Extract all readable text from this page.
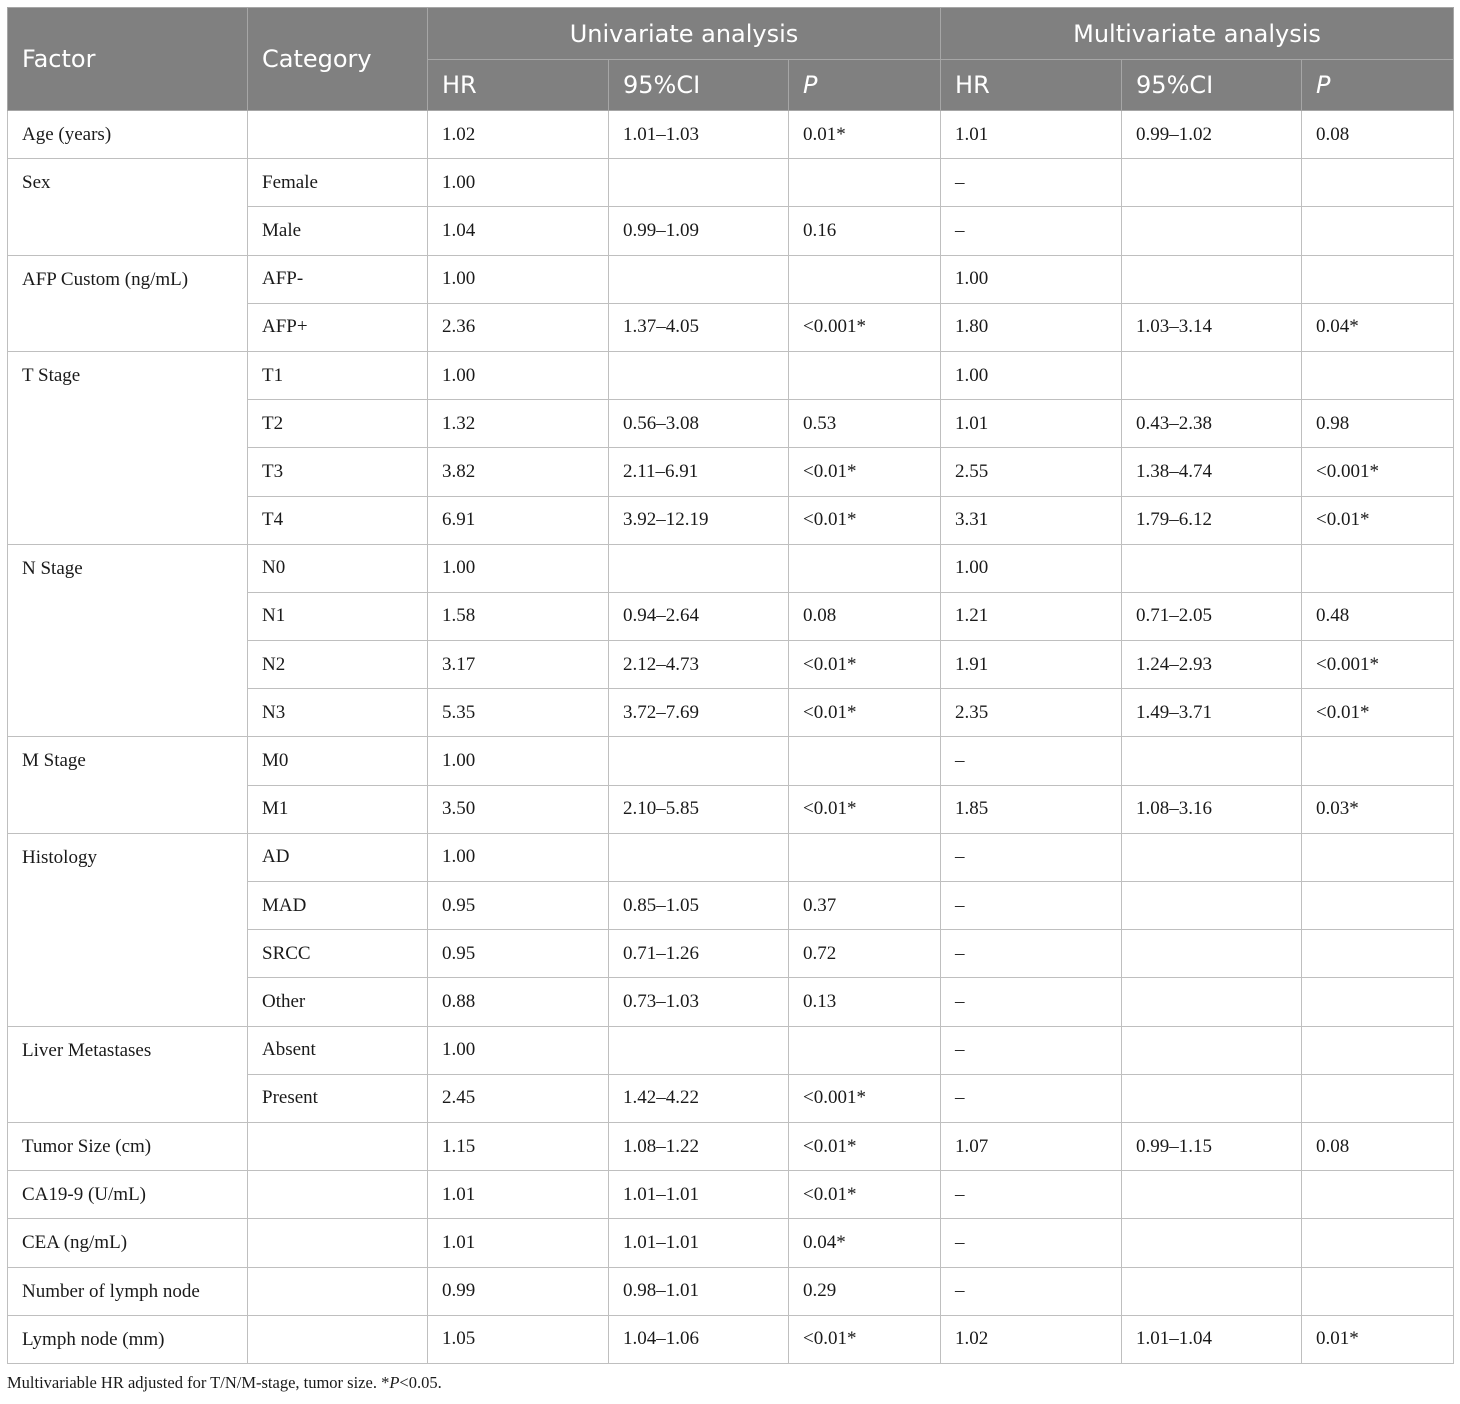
Factor	Category	Univariate analysis			Multivariate analysis		
		HR	95%CI	P	HR	95%CI	P
Age (years)		1.02	1.01–1.03	0.01*	1.01	0.99–1.02	0.08
Sex	Female	1.00			–		
	Male	1.04	0.99–1.09	0.16	–		
AFP Custom (ng/mL)	AFP-	1.00			1.00		
	AFP+	2.36	1.37–4.05	<0.001*	1.80	1.03–3.14	0.04*
T Stage	T1	1.00			1.00		
	T2	1.32	0.56–3.08	0.53	1.01	0.43–2.38	0.98
	T3	3.82	2.11–6.91	<0.01*	2.55	1.38–4.74	<0.001*
	T4	6.91	3.92–12.19	<0.01*	3.31	1.79–6.12	<0.01*
N Stage	N0	1.00			1.00		
	N1	1.58	0.94–2.64	0.08	1.21	0.71–2.05	0.48
	N2	3.17	2.12–4.73	<0.01*	1.91	1.24–2.93	<0.001*
	N3	5.35	3.72–7.69	<0.01*	2.35	1.49–3.71	<0.01*
M Stage	M0	1.00			–		
	M1	3.50	2.10–5.85	<0.01*	1.85	1.08–3.16	0.03*
Histology	AD	1.00			–		
	MAD	0.95	0.85–1.05	0.37	–		
	SRCC	0.95	0.71–1.26	0.72	–		
	Other	0.88	0.73–1.03	0.13	–		
Liver Metastases	Absent	1.00			–		
	Present	2.45	1.42–4.22	<0.001*	–		
Tumor Size (cm)		1.15	1.08–1.22	<0.01*	1.07	0.99–1.15	0.08
CA19-9 (U/mL)		1.01	1.01–1.01	<0.01*	–		
CEA (ng/mL)		1.01	1.01–1.01	0.04*	–		
Number of lymph node		0.99	0.98–1.01	0.29	–		
Lymph node (mm)		1.05	1.04–1.06	<0.01*	1.02	1.01–1.04	0.01*
Multivariable HR adjusted for T/N/M-stage, tumor size. *P<0.05.
